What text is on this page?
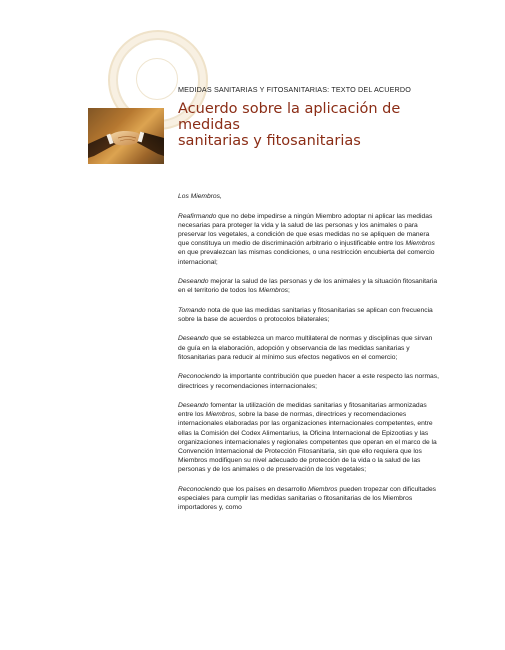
MEDIDAS SANITARIAS Y FITOSANITARIAS: TEXTO DEL ACUERDO
Acuerdo sobre la aplicación de
medidas
sanitarias y fitosanitarias

Los Miembros,

Reafirmando que no debe impedirse a ningún Miembro adoptar ni aplicar las medidas necesarias para proteger la vida y la salud de las personas y los animales o para preservar los vegetales, a condición de que esas medidas no se apliquen de manera que constituya un medio de discriminación arbitrario o injustificable entre los Miembros en que prevalezcan las mismas condiciones, o una restricción encubierta del comercio internacional;

Deseando mejorar la salud de las personas y de los animales y la situación fitosanitaria en el territorio de todos los Miembros;

Tomando nota de que las medidas sanitarias y fitosanitarias se aplican con frecuencia sobre la base de acuerdos o protocolos bilaterales;

Deseando que se establezca un marco multilateral de normas y disciplinas que sirvan de guía en la elaboración, adopción y observancia de las medidas sanitarias y fitosanitarias para reducir al mínimo sus efectos negativos en el comercio;

Reconociendo la importante contribución que pueden hacer a este respecto las normas, directrices y recomendaciones internacionales;

Deseando fomentar la utilización de medidas sanitarias y fitosanitarias armonizadas entre los Miembros, sobre la base de normas, directrices y recomendaciones internacionales elaboradas por las organizaciones internacionales competentes, entre ellas la Comisión del Codex Alimentarius, la Oficina Internacional de Epizootias y las organizaciones internacionales y regionales competentes que operan en el marco de la Convención Internacional de Protección Fitosanitaria, sin que ello requiera que los Miembros modifiquen su nivel adecuado de protección de la vida o la salud de las personas y de los animales o de preservación de los vegetales;

Reconociendo que los países en desarrollo Miembros pueden tropezar con dificultades especiales para cumplir las medidas sanitarias o fitosanitarias de los Miembros importadores y, como
